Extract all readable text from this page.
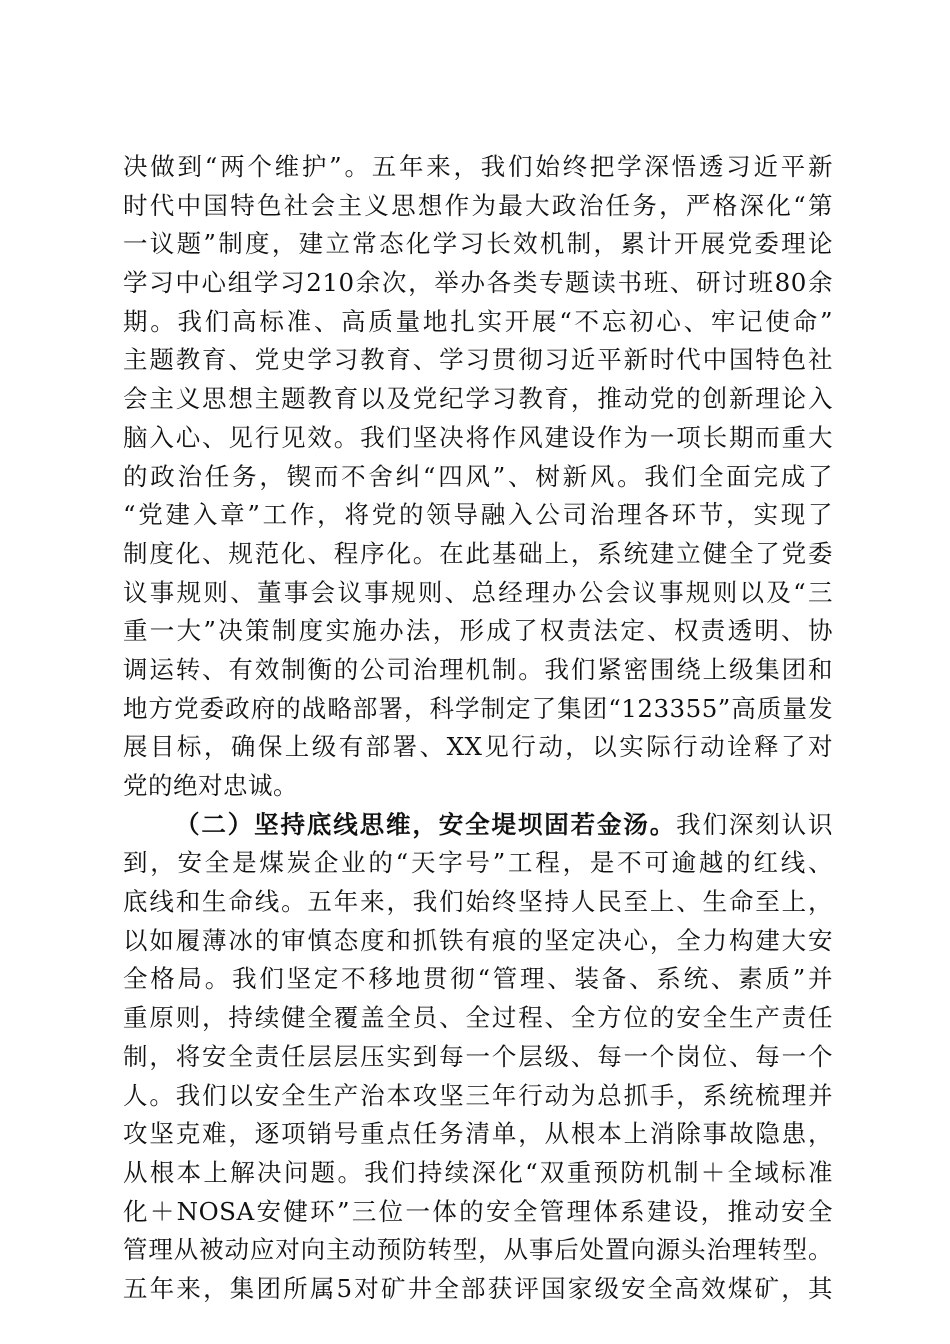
决做到“两个维护”。五年来，我们始终把学深悟透习近平新
时代中国特色社会主义思想作为最大政治任务，严格深化“第
一议题”制度，建立常态化学习长效机制，累计开展党委理论
学习中心组学习210余次，举办各类专题读书班、研讨班80余
期。我们高标准、高质量地扎实开展“不忘初心、牢记使命”
主题教育、党史学习教育、学习贯彻习近平新时代中国特色社
会主义思想主题教育以及党纪学习教育，推动党的创新理论入
脑入心、见行见效。我们坚决将作风建设作为一项长期而重大
的政治任务，锲而不舍纠“四风”、树新风。我们全面完成了
“党建入章”工作，将党的领导融入公司治理各环节，实现了
制度化、规范化、程序化。在此基础上，系统建立健全了党委
议事规则、董事会议事规则、总经理办公会议事规则以及“三
重一大”决策制度实施办法，形成了权责法定、权责透明、协
调运转、有效制衡的公司治理机制。我们紧密围绕上级集团和
地方党委政府的战略部署，科学制定了集团“123355”高质量发
展目标，确保上级有部署、XX见行动，以实际行动诠释了对
党的绝对忠诚。
（二）坚持底线思维，安全堤坝固若金汤。我们深刻认识
到，安全是煤炭企业的“天字号”工程，是不可逾越的红线、
底线和生命线。五年来，我们始终坚持人民至上、生命至上，
以如履薄冰的审慎态度和抓铁有痕的坚定决心，全力构建大安
全格局。我们坚定不移地贯彻“管理、装备、系统、素质”并
重原则，持续健全覆盖全员、全过程、全方位的安全生产责任
制，将安全责任层层压实到每一个层级、每一个岗位、每一个
人。我们以安全生产治本攻坚三年行动为总抓手，系统梳理并
攻坚克难，逐项销号重点任务清单，从根本上消除事故隐患，
从根本上解决问题。我们持续深化“双重预防机制＋全域标准
化＋NOSA安健环”三位一体的安全管理体系建设，推动安全
管理从被动应对向主动预防转型，从事后处置向源头治理转型。
五年来，集团所属5对矿井全部获评国家级安全高效煤矿，其
